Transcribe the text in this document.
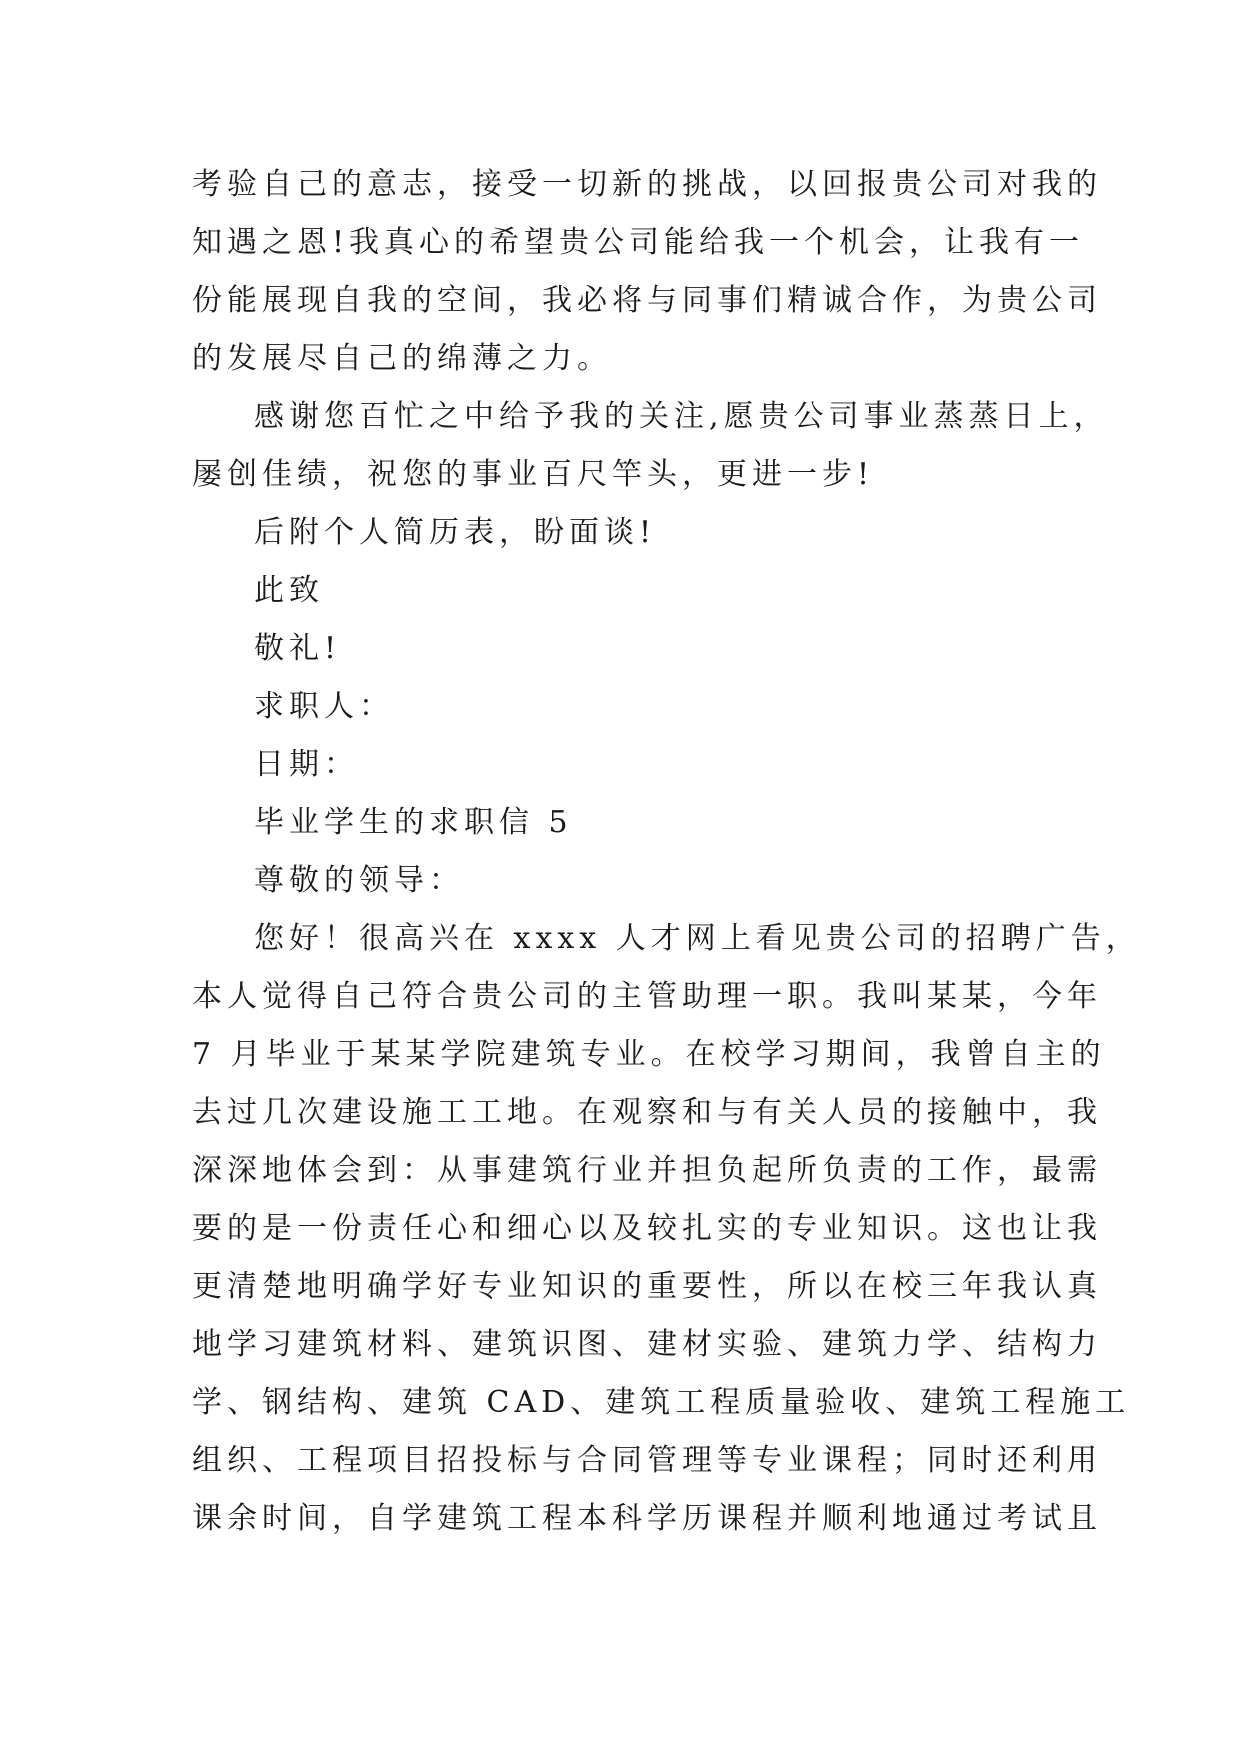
考验自己的意志，接受一切新的挑战，以回报贵公司对我的
知遇之恩!我真心的希望贵公司能给我一个机会，让我有一
份能展现自我的空间，我必将与同事们精诚合作，为贵公司
的发展尽自己的绵薄之力。
感谢您百忙之中给予我的关注,愿贵公司事业蒸蒸日上，
屡创佳绩，祝您的事业百尺竿头，更进一步!
后附个人简历表，盼面谈!
此致
敬礼!
求职人：
日期：
毕业学生的求职信 5
尊敬的领导：
您好！很高兴在 xxxx 人才网上看见贵公司的招聘广告，
本人觉得自己符合贵公司的主管助理一职。我叫某某，今年
7 月毕业于某某学院建筑专业。在校学习期间，我曾自主的
去过几次建设施工工地。在观察和与有关人员的接触中，我
深深地体会到：从事建筑行业并担负起所负责的工作，最需
要的是一份责任心和细心以及较扎实的专业知识。这也让我
更清楚地明确学好专业知识的重要性，所以在校三年我认真
地学习建筑材料、建筑识图、建材实验、建筑力学、结构力
学、钢结构、建筑 CAD、建筑工程质量验收、建筑工程施工
组织、工程项目招投标与合同管理等专业课程；同时还利用
课余时间，自学建筑工程本科学历课程并顺利地通过考试且
